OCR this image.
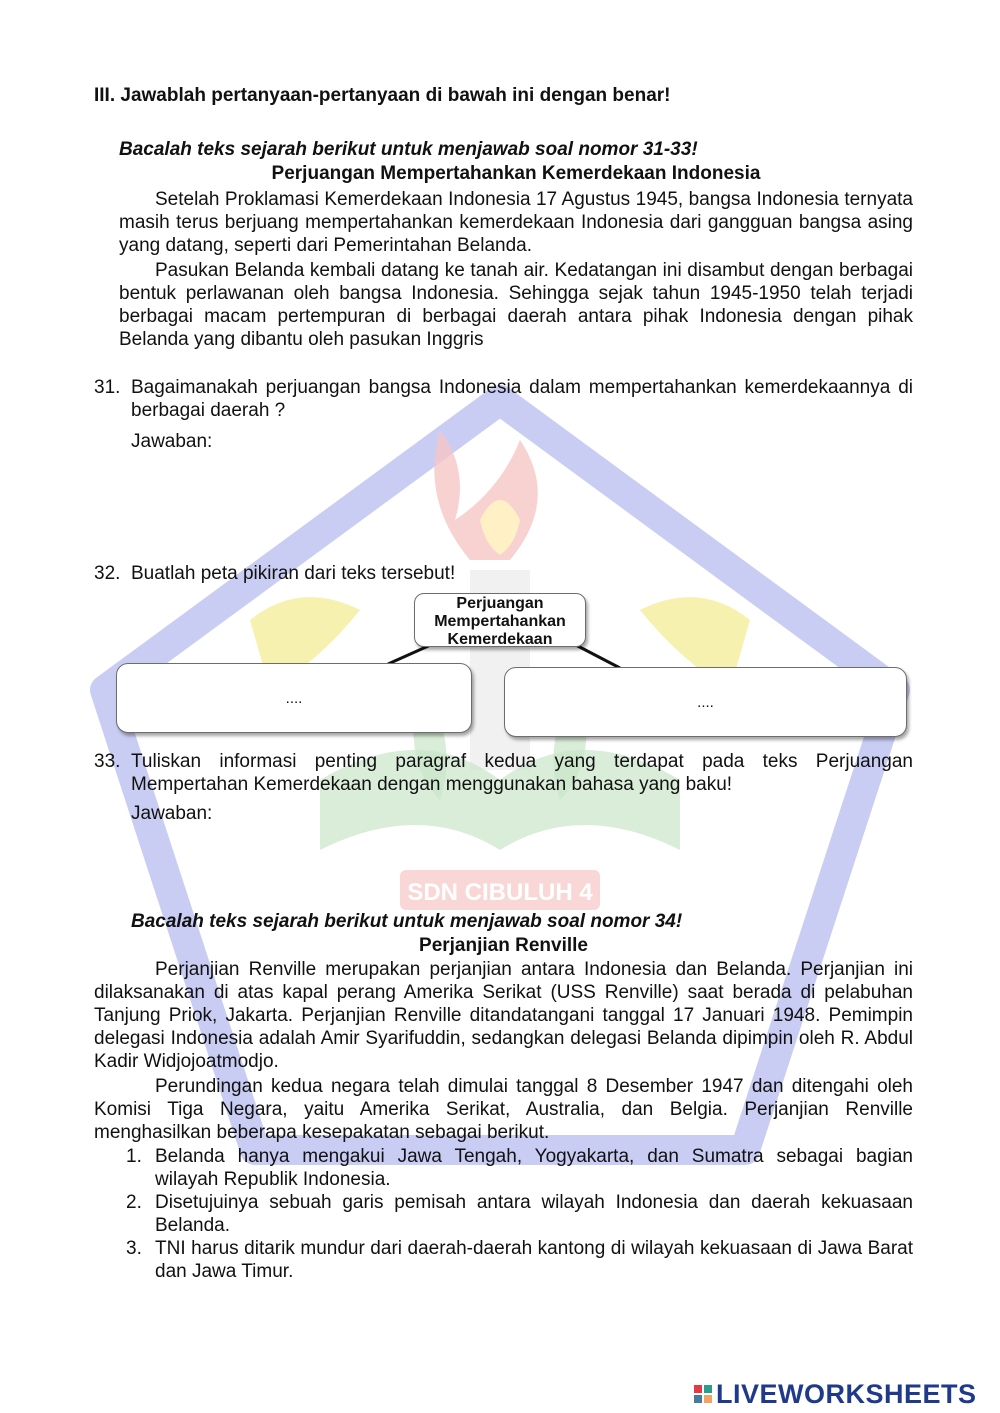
SDN CIBULUH 4
III. Jawablah pertanyaan-pertanyaan di bawah ini dengan benar!
Bacalah teks sejarah berikut untuk menjawab soal nomor 31-33!
Perjuangan Mempertahankan Kemerdekaan Indonesia
Setelah Proklamasi Kemerdekaan Indonesia 17 Agustus 1945, bangsa Indonesia ternyata masih terus berjuang mempertahankan kemerdekaan Indonesia dari gangguan bangsa asing yang datang, seperti dari Pemerintahan Belanda.
Pasukan Belanda kembali datang ke tanah air. Kedatangan ini disambut dengan berbagai bentuk perlawanan oleh bangsa Indonesia. Sehingga sejak tahun 1945-1950 telah terjadi berbagai macam pertempuran di berbagai daerah antara pihak Indonesia dengan pihak Belanda yang dibantu oleh pasukan Inggris
31. Bagaimanakah perjuangan bangsa Indonesia dalam mempertahankan kemerdekaannya di berbagai daerah ?
Jawaban:
32. Buatlah peta pikiran dari teks tersebut!
Perjuangan
Mempertahankan
Kemerdekaan
....	....
33. Tuliskan informasi penting paragraf kedua yang terdapat pada teks Perjuangan Mempertahan Kemerdekaan dengan menggunakan bahasa yang baku!
Jawaban:
Bacalah teks sejarah berikut untuk menjawab soal nomor 34!
Perjanjian Renville
Perjanjian Renville merupakan perjanjian antara Indonesia dan Belanda. Perjanjian ini dilaksanakan di atas kapal perang Amerika Serikat (USS Renville) saat berada di pelabuhan Tanjung Priok, Jakarta. Perjanjian Renville ditandatangani tanggal 17 Januari 1948. Pemimpin delegasi Indonesia adalah Amir Syarifuddin, sedangkan delegasi Belanda dipimpin oleh R. Abdul Kadir Widjojoatmodjo.
Perundingan kedua negara telah dimulai tanggal 8 Desember 1947 dan ditengahi oleh Komisi Tiga Negara, yaitu Amerika Serikat, Australia, dan Belgia. Perjanjian Renville menghasilkan beberapa kesepakatan sebagai berikut.
1. Belanda hanya mengakui Jawa Tengah, Yogyakarta, dan Sumatra sebagai bagian wilayah Republik Indonesia.
2. Disetujuinya sebuah garis pemisah antara wilayah Indonesia dan daerah kekuasaan Belanda.
3. TNI harus ditarik mundur dari daerah-daerah kantong di wilayah kekuasaan di Jawa Barat dan Jawa Timur.
LIVEWORKSHEETS
